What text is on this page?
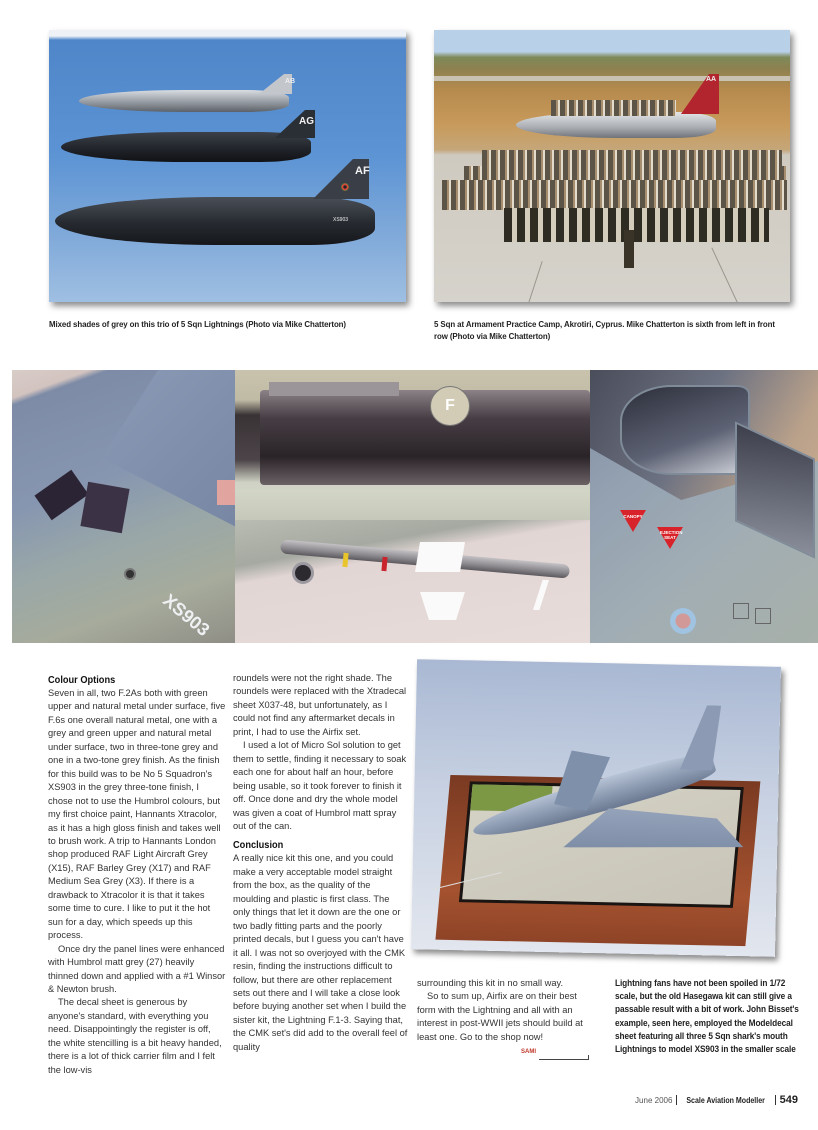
AB
AG
AF
XS903
Mixed shades of grey on this trio of 5 Sqn Lightnings (Photo via Mike Chatterton)
AA
5 Sqn at Armament Practice Camp, Akrotiri, Cyprus. Mike Chatterton is sixth from left in front row (Photo via Mike Chatterton)
XS903
F
CANOPY
EJECTION SEAT
Colour Options

Seven in all, two F.2As both with green upper and natural metal under surface, five F.6s one overall natural metal, one with a grey and green upper and natural metal under surface, two in three-tone grey and one in a two-tone grey finish. As the finish for this build was to be No 5 Squadron's XS903 in the grey three-tone finish, I chose not to use the Humbrol colours, but my first choice paint, Hannants Xtracolor, as it has a high gloss finish and takes well to brush work. A trip to Hannants London shop produced RAF Light Aircraft Grey (X15), RAF Barley Grey (X17) and RAF Medium Sea Grey (X3). If there is a drawback to Xtracolor it is that it takes some time to cure. I like to put it the hot sun for a day, which speeds up this process.

Once dry the panel lines were enhanced with Humbrol matt grey (27) heavily thinned down and applied with a #1 Winsor & Newton brush.

The decal sheet is generous by anyone's standard, with everything you need. Disappointingly the register is off, the white stencilling is a bit heavy handed, there is a lot of thick carrier film and I felt the low-vis

roundels were not the right shade. The roundels were replaced with the Xtradecal sheet X037-48, but unfortunately, as I could not find any aftermarket decals in print, I had to use the Airfix set.

I used a lot of Micro Sol solution to get them to settle, finding it necessary to soak each one for about half an hour, before being usable, so it took forever to finish it off. Once done and dry the whole model was given a coat of Humbrol matt spray out of the can.

Conclusion

A really nice kit this one, and you could make a very acceptable model straight from the box, as the quality of the moulding and plastic is first class. The only things that let it down are the one or two badly fitting parts and the poorly printed decals, but I guess you can't have it all. I was not so overjoyed with the CMK resin, finding the instructions difficult to follow, but there are other replacement sets out there and I will take a close look before buying another set when I build the sister kit, the Lightning F.1-3. Saying that, the CMK set's did add to the overall feel of quality

surrounding this kit in no small way.

So to sum up, Airfix are on their best form with the Lightning and all with an interest in post-WWII jets should build at least one. Go to the shop now!

SAMI
Lightning fans have not been spoiled in 1/72 scale, but the old Hasegawa kit can still give a passable result with a bit of work. John Bisset's example, seen here, employed the Modeldecal sheet featuring all three 5 Sqn shark's mouth Lightnings to model XS903 in the smaller scale
June 2006 Scale Aviation Modeller 549
